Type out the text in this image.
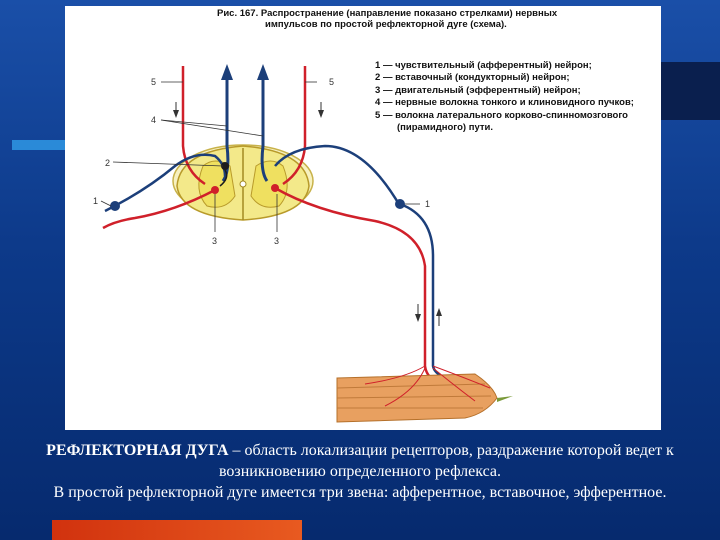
Рис. 167. Распространение (направление показано стрелками) нервных
импульсов по простой рефлекторной дуге (схема).
1 — чувствительный (афферентный) нейрон;
2 — вставочный (кондукторный) нейрон;
3 — двигательный (эфферентный) нейрон;
4 — нервные волокна тонкого и клиновидного пучков;
5 — волокна латерального корково-спинномозгового
(пирамидного) пути.
5	5
4
2
1	1
3	3
РЕФЛЕКТОРНАЯ ДУГА – область локализации рецепторов, раздражение которой ведет к возникновению определенного рефлекса.
В простой рефлекторной дуге имеется три звена: афферентное, вставочное, эфферентное.
